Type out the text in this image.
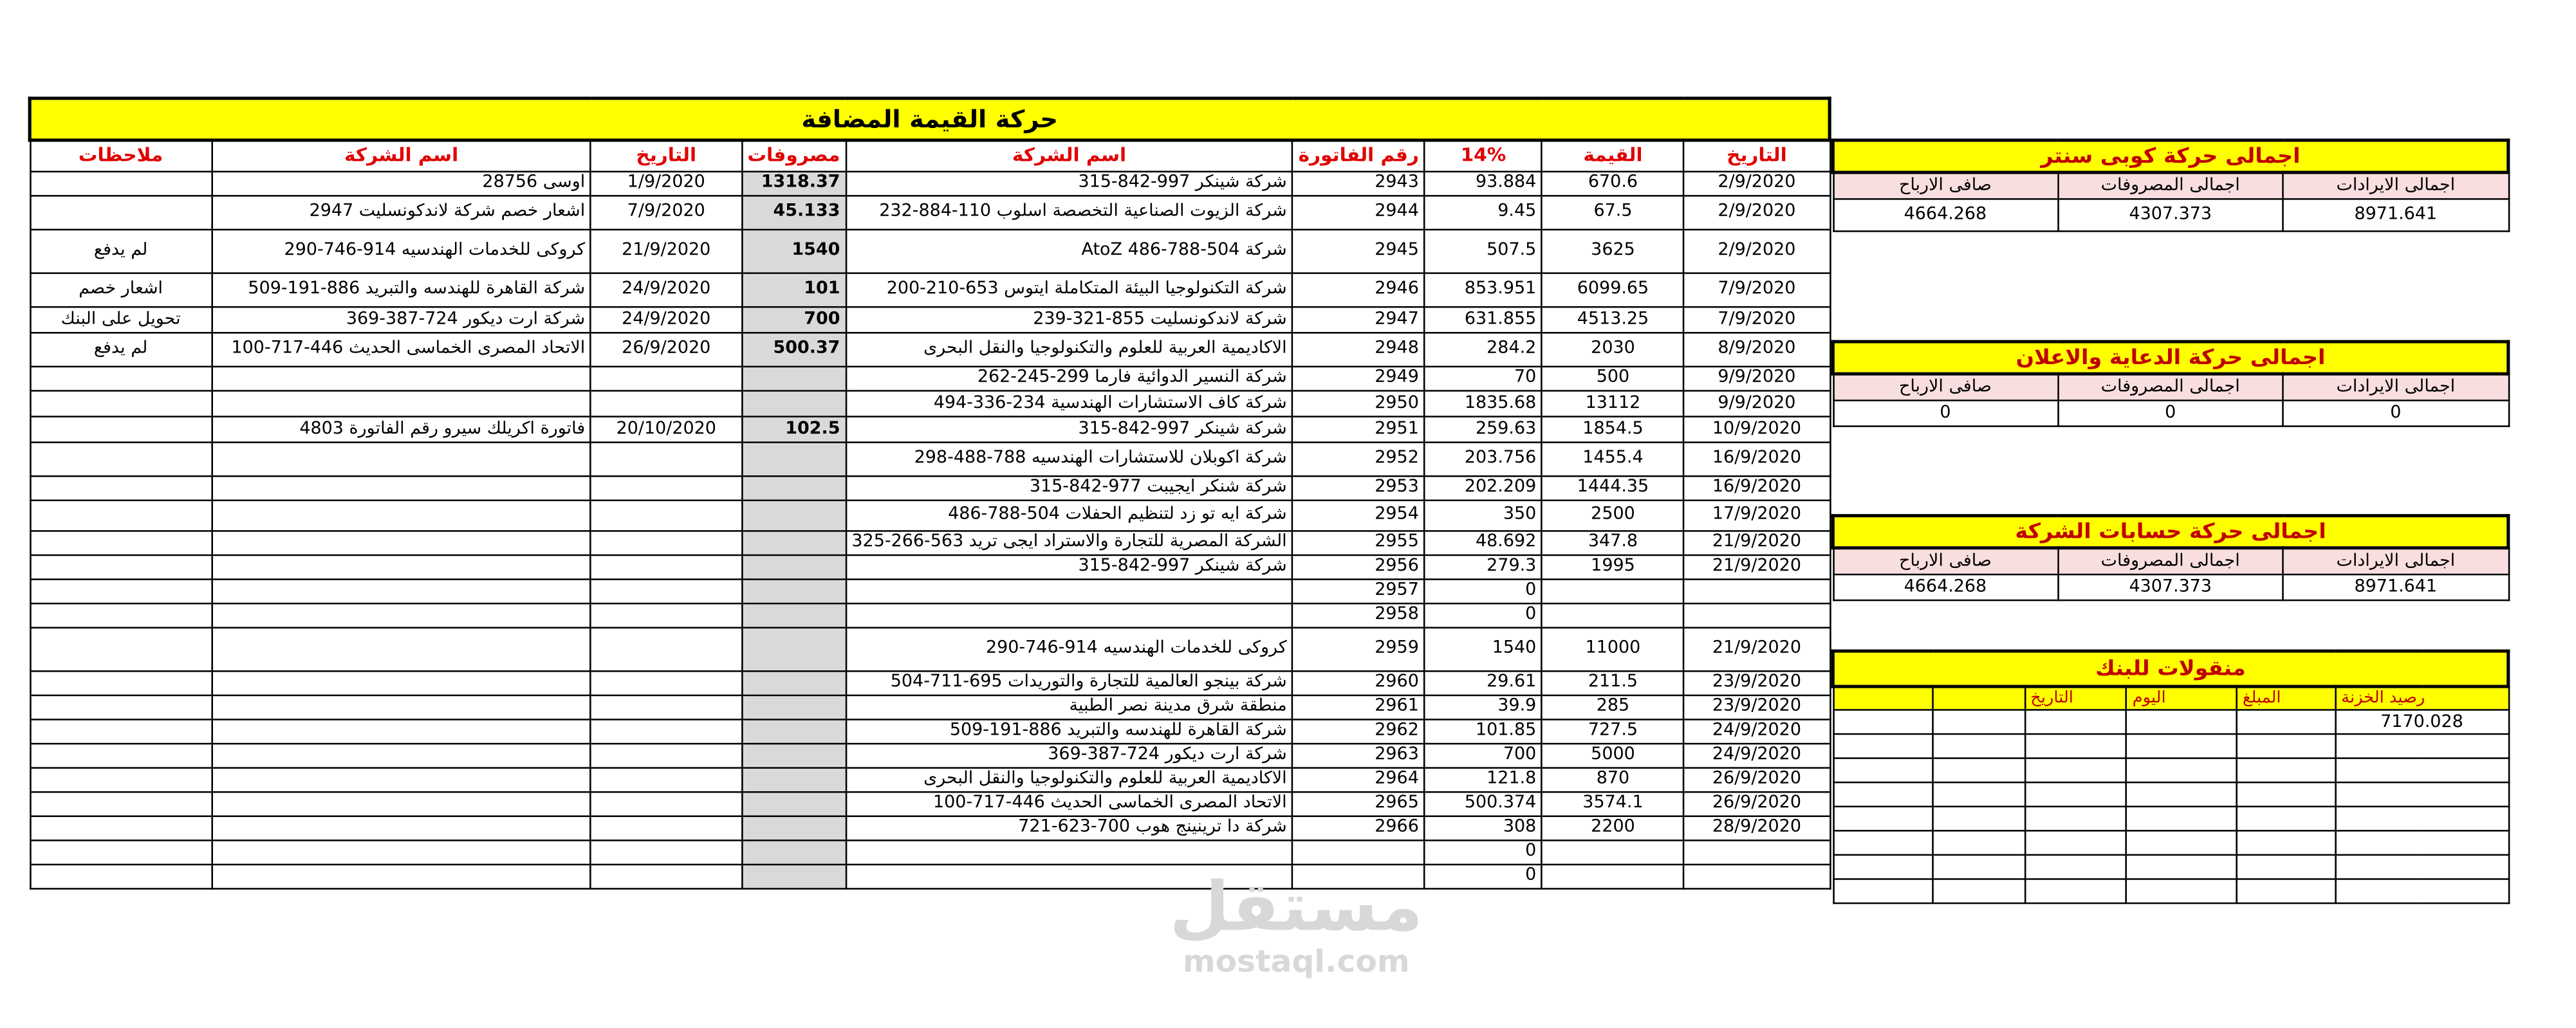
حركة القيمة المضافة								
ملاحظات	اسم الشركة	التاريخ	مصروفات	اسم الشركة	رقم الفاتورة	14%	القيمة	التاريخ
	اوسى 28756	1/9/2020	1318.37	شركة شينكر 997-842-315	2943	93.884	670.6	2/9/2020
	اشعار خصم شركة لاندكونسليت 2947	7/9/2020	45.133	شركة الزيوت الصناعية التخصصة اسلوب 110-884-232	2944	9.45	67.5	2/9/2020
لم يدفع	كروكى للخدمات الهندسيه 914-746-290	21/9/2020	1540	AtoZ شركة 504-788-486	2945	507.5	3625	2/9/2020
اشعار خصم	شركة القاهرة للهندسه والتبريد 886-191-509	24/9/2020	101	شركة التكنولوجيا البيئة المتكاملة ايتوس 653-210-200	2946	853.951	6099.65	7/9/2020
تحويل على البنك	شركة ارت ديكور 724-387-369	24/9/2020	700	شركة لاندكونسليت 855-321-239	2947	631.855	4513.25	7/9/2020
لم يدفع	الاتحاد المصرى الخماسى الحديث 446-717-100	26/9/2020	500.37	الاكاديمية العربية للعلوم والتكنولوجيا والنقل البحرى	2948	284.2	2030	8/9/2020
				شركة النسير الدوائية فارما 299-245-262	2949	70	500	9/9/2020
				شركة كاف الاستشارات الهندسية 234-336-494	2950	1835.68	13112	9/9/2020
	فاتورة اكريلك سيرو رقم الفاتورة 4803	20/10/2020	102.5	شركة شينكر 997-842-315	2951	259.63	1854.5	10/9/2020
				شركة اكوبلان للاستشارات الهندسيه 788-488-298	2952	203.756	1455.4	16/9/2020
				شركة شنكر ايجيبت 977-842-315	2953	202.209	1444.35	16/9/2020
				شركة ايه تو زد لتنظيم الحفلات 504-788-486	2954	350	2500	17/9/2020
				الشركة المصرية للتجارة والاستراد ايجى تريد 563-266-325	2955	48.692	347.8	21/9/2020
				شركة شينكر 997-842-315	2956	279.3	1995	21/9/2020
					2957	0		
					2958	0		
				كروكى للخدمات الهندسيه 914-746-290	2959	1540	11000	21/9/2020
				شركة بينجو العالمية للتجارة والتوريدات 695-711-504	2960	29.61	211.5	23/9/2020
				منطقة شرق مدينة نصر الطبية	2961	39.9	285	23/9/2020
				شركة القاهرة للهندسه والتبريد 886-191-509	2962	101.85	727.5	24/9/2020
				شركة ارت ديكور 724-387-369	2963	700	5000	24/9/2020
				الاكاديمية العربية للعلوم والتكنولوجيا والنقل البحرى	2964	121.8	870	26/9/2020
				الاتحاد المصرى الخماسى الحديث 446-717-100	2965	500.374	3574.1	26/9/2020
				شركة دا ترينينج هوب 700-623-721	2966	308	2200	28/9/2020
						0		
						0		
اجمالى حركة كوبى سنتر		
صافى الارباح	اجمالى المصروفات	اجمالى الايرادات
4664.268	4307.373	8971.641
اجمالى حركة الدعاية والاعلان		
صافى الارباح	اجمالى المصروفات	اجمالى الايرادات
0	0	0
اجمالى حركة حسابات الشركة		
صافى الارباح	اجمالى المصروفات	اجمالى الايرادات
4664.268	4307.373	8971.641
منقولات للبنك					
		التاريخ	اليوم	المبلغ	رصيد الخزنة
					7170.028

مستقل
mostaql.com
